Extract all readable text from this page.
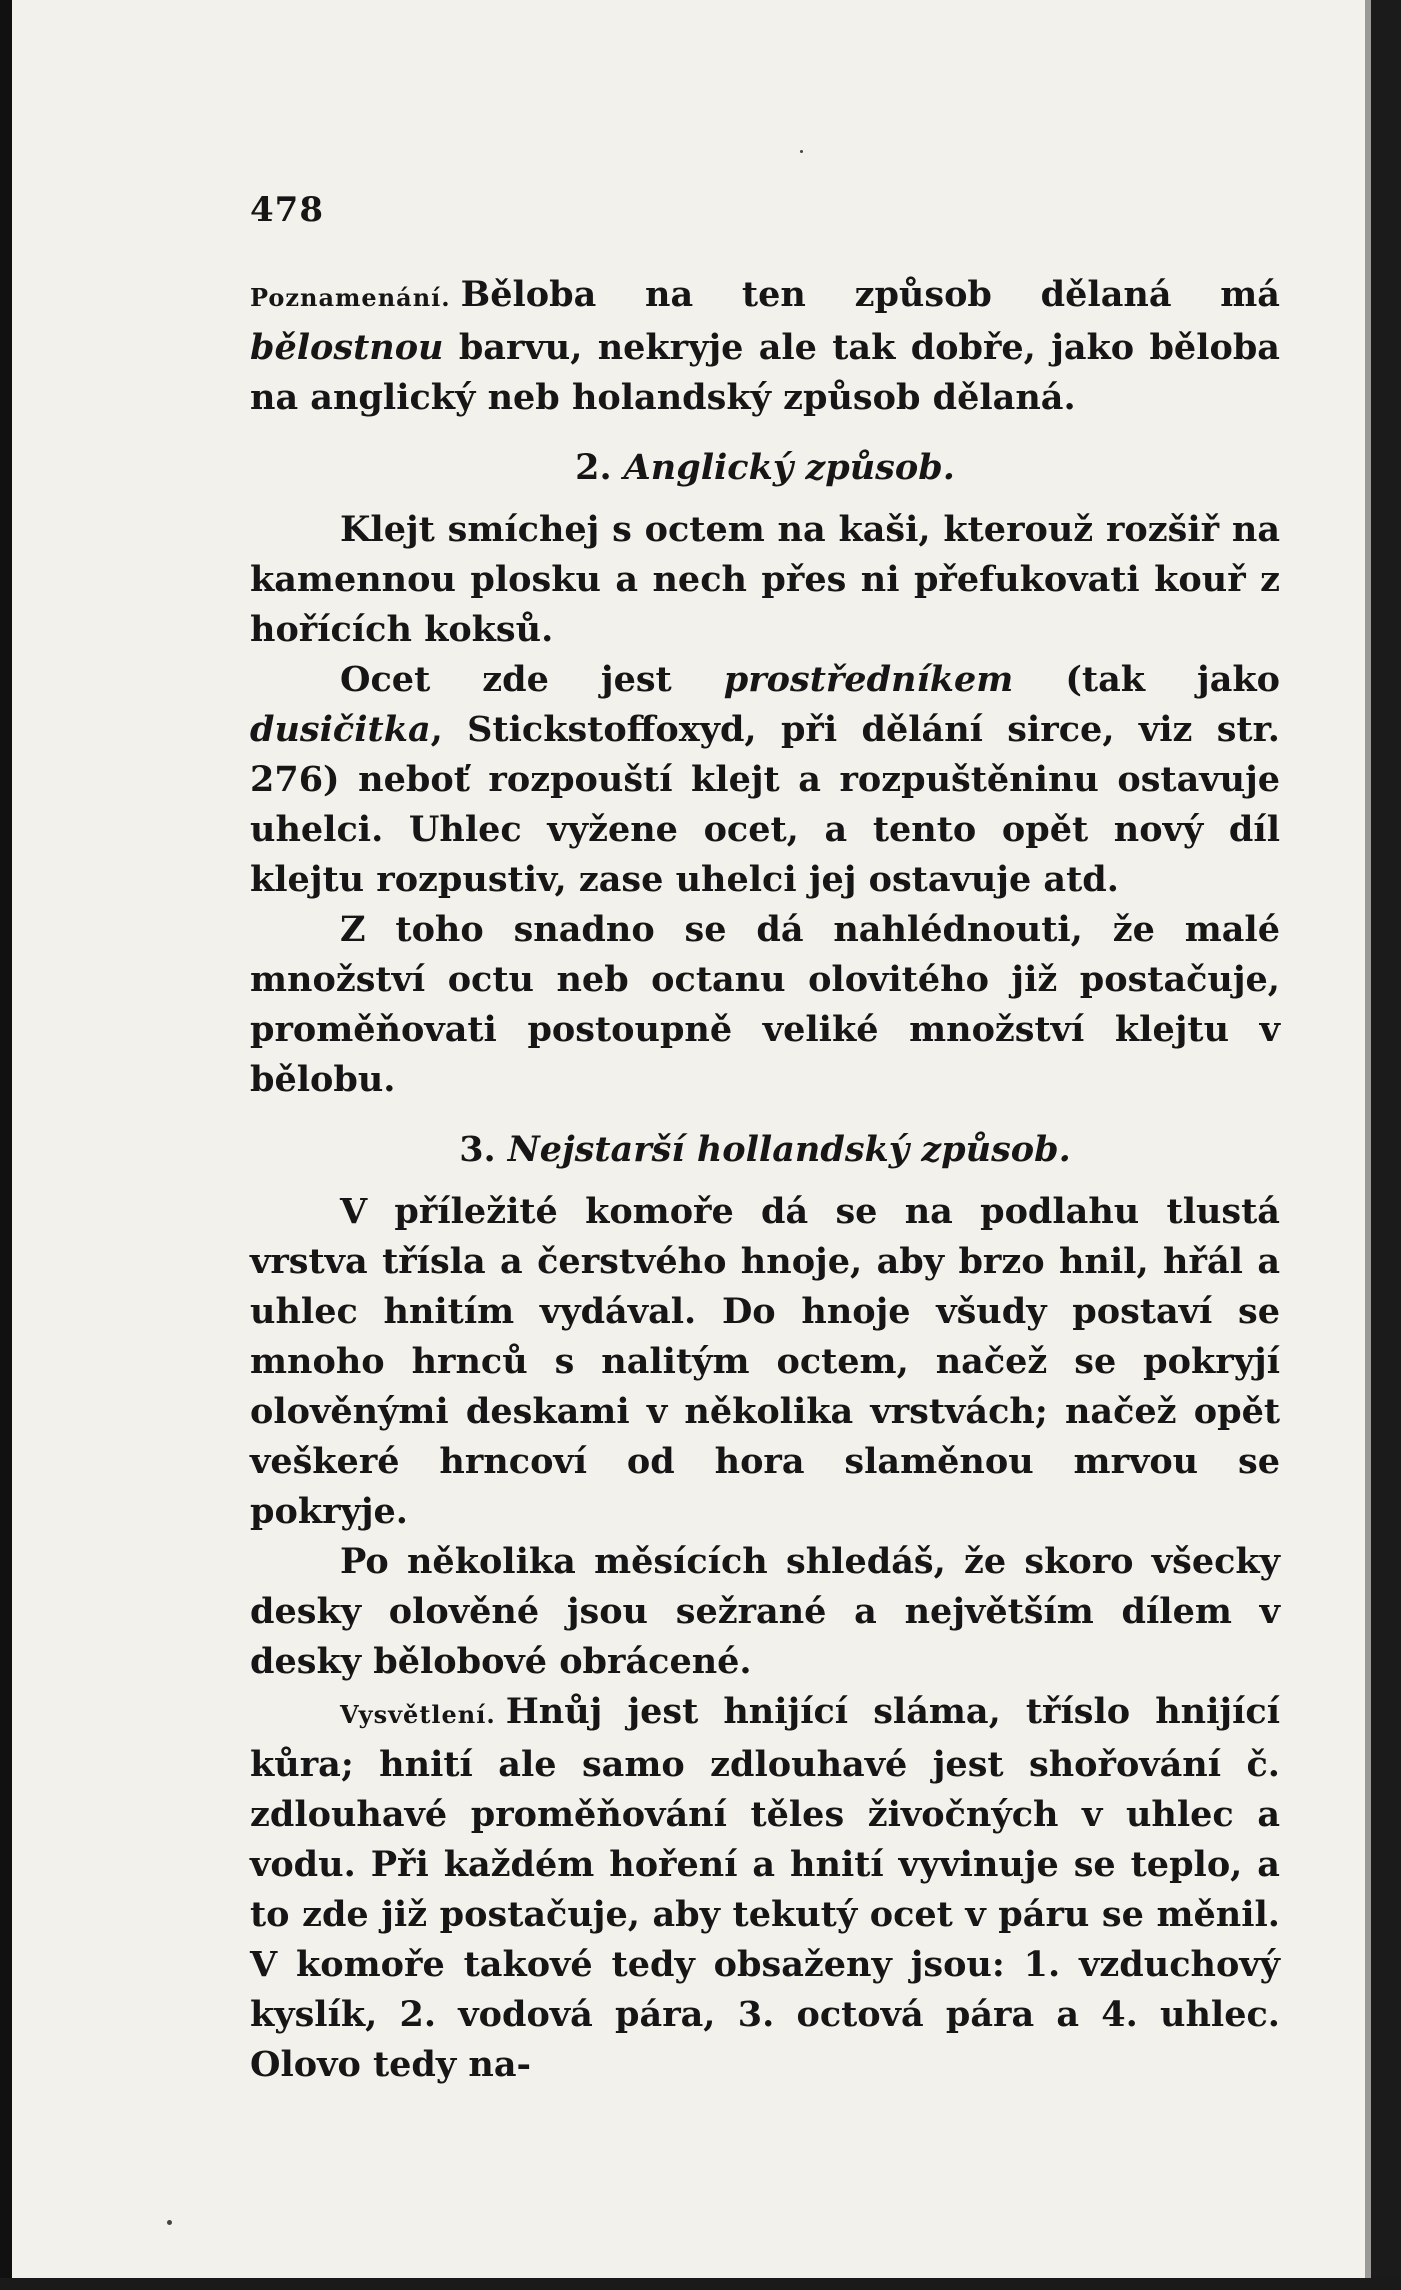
478

Poznamenání. Běloba na ten způsob dělaná má bělostnou barvu, nekryje ale tak dobře, jako běloba na anglický neb holandský způsob dělaná.

2. Anglický způsob.

Klejt smíchej s octem na kaši, kterouž rozšiř na kamennou plosku a nech přes ni přefukovati kouř z hořících koksů.

Ocet zde jest prostředníkem (tak jako dusičitka, Stickstoffoxyd, při dělání sirce, viz str. 276) neboť rozpouští klejt a rozpuštěninu ostavuje uhelci. Uhlec vyžene ocet, a tento opět nový díl klejtu rozpustiv, zase uhelci jej ostavuje atd.

Z toho snadno se dá nahlédnouti, že malé množství octu neb octanu olovitého již postačuje, proměňovati postoupně veliké množství klejtu v bělobu.

3. Nejstarší hollandský způsob.

V příležité komoře dá se na podlahu tlustá vrstva třísla a čerstvého hnoje, aby brzo hnil, hřál a uhlec hnitím vydával. Do hnoje všudy postaví se mnoho hrnců s nalitým octem, načež se pokryjí olověnými deskami v několika vrstvách; načež opět veškeré hrncoví od hora slaměnou mrvou se pokryje.

Po několika měsících shledáš, že skoro všecky desky olověné jsou sežrané a největším dílem v desky bělobové obrácené.

Vysvětlení. Hnůj jest hnijící sláma, tříslo hnijící kůra; hnití ale samo zdlouhavé jest shořování č. zdlouhavé proměňování těles živočných v uhlec a vodu. Při každém hoření a hnití vyvinuje se teplo, a to zde již postačuje, aby tekutý ocet v páru se měnil. V komoře takové tedy obsaženy jsou: 1. vzduchový kyslík, 2. vodová pára, 3. octová pára a 4. uhlec. Olovo tedy na-
